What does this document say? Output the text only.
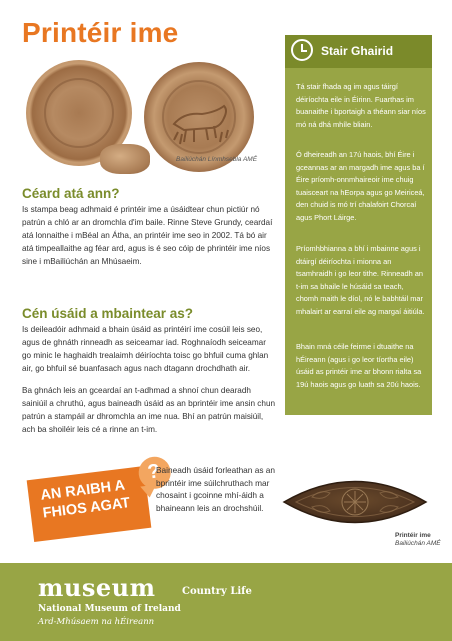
Printéir ime
Bailiúchán Línmhsebla AMÉ
Céard atá ann?
Is stampa beag adhmaid é printéir ime a úsáidtear chun pictiúr nó patrún a chló ar an dromchla d'im baile. Rinne Steve Grundy, ceardaí atá lonnaithe i mBéal an Átha, an printéir ime seo in 2002. Tá bó air atá timpeallaithe ag féar ard, agus is é seo cóip de phrintéir ime níos sine i mBailiúchán an Mhúsaeim.
Cén úsáid a mbaintear as?
Is deileadóir adhmaid a bhain úsáid as printéirí ime cosúil leis seo, agus de ghnáth rinneadh as seiceamar iad. Roghnaíodh seiceamar go minic le haghaidh trealaimh déiríochta toisc go bhfuil cuma ghlan air, go bhfuil sé buanfasach agus nach dtagann drochdhath air.
Ba ghnách leis an gceardaí an t-adhmad a shnoí chun dearadh sainiúil a chruthú, agus baineadh úsáid as an bprintéir ime ansin chun patrún a stampáil ar dhromchla an ime nua. Bhí an patrún maisiúil, ach ba shoiléir leis cé a rinne an t-im.
Stair Ghairid
Tá stair fhada ag im agus táirgí déiríochta eile in Éirinn. Fuarthas im buanaithe i bportaigh a théann siar níos mó ná dhá mhíle bliain.
Ó dheireadh an 17ú haois, bhí Éire i gceannas ar an margadh ime agus ba í Éire príomh-onnmhaireoir ime chuig tuaisceart na hEorpa agus go Meiriceá, den chuid is mó trí chalafoirt Chorcaí agus Phort Láirge.
Príomhbhianna a bhí i mbainne agus i dtáirgí déiríochta i mionna an tsamhraidh i go leor tithe. Rinneadh an t-im sa bhaile le húsáid sa teach, chomh maith le díol, nó le babhtáil mar mhalairt ar earraí eile ag margaí áitiúla.
Bhain mná céile feirme i dtuaithe na hÉireann (agus i go leor tíortha eile) úsáid as printéir ime ar bhonn rialta sa 19ú haois agus go luath sa 20ú haois.
AN RAIBH A FHIOS AGAT
?
Baineadh úsáid forleathan as an bprintéir ime súilchruthach mar chosaint i gcoinne mhí-áidh a bhaineann leis an drochshúil.
Printéir ime
Bailiúchán AMÉ
museum
National Museum of Ireland
Ard-Mhúsaem na hÉireann
Country Life
